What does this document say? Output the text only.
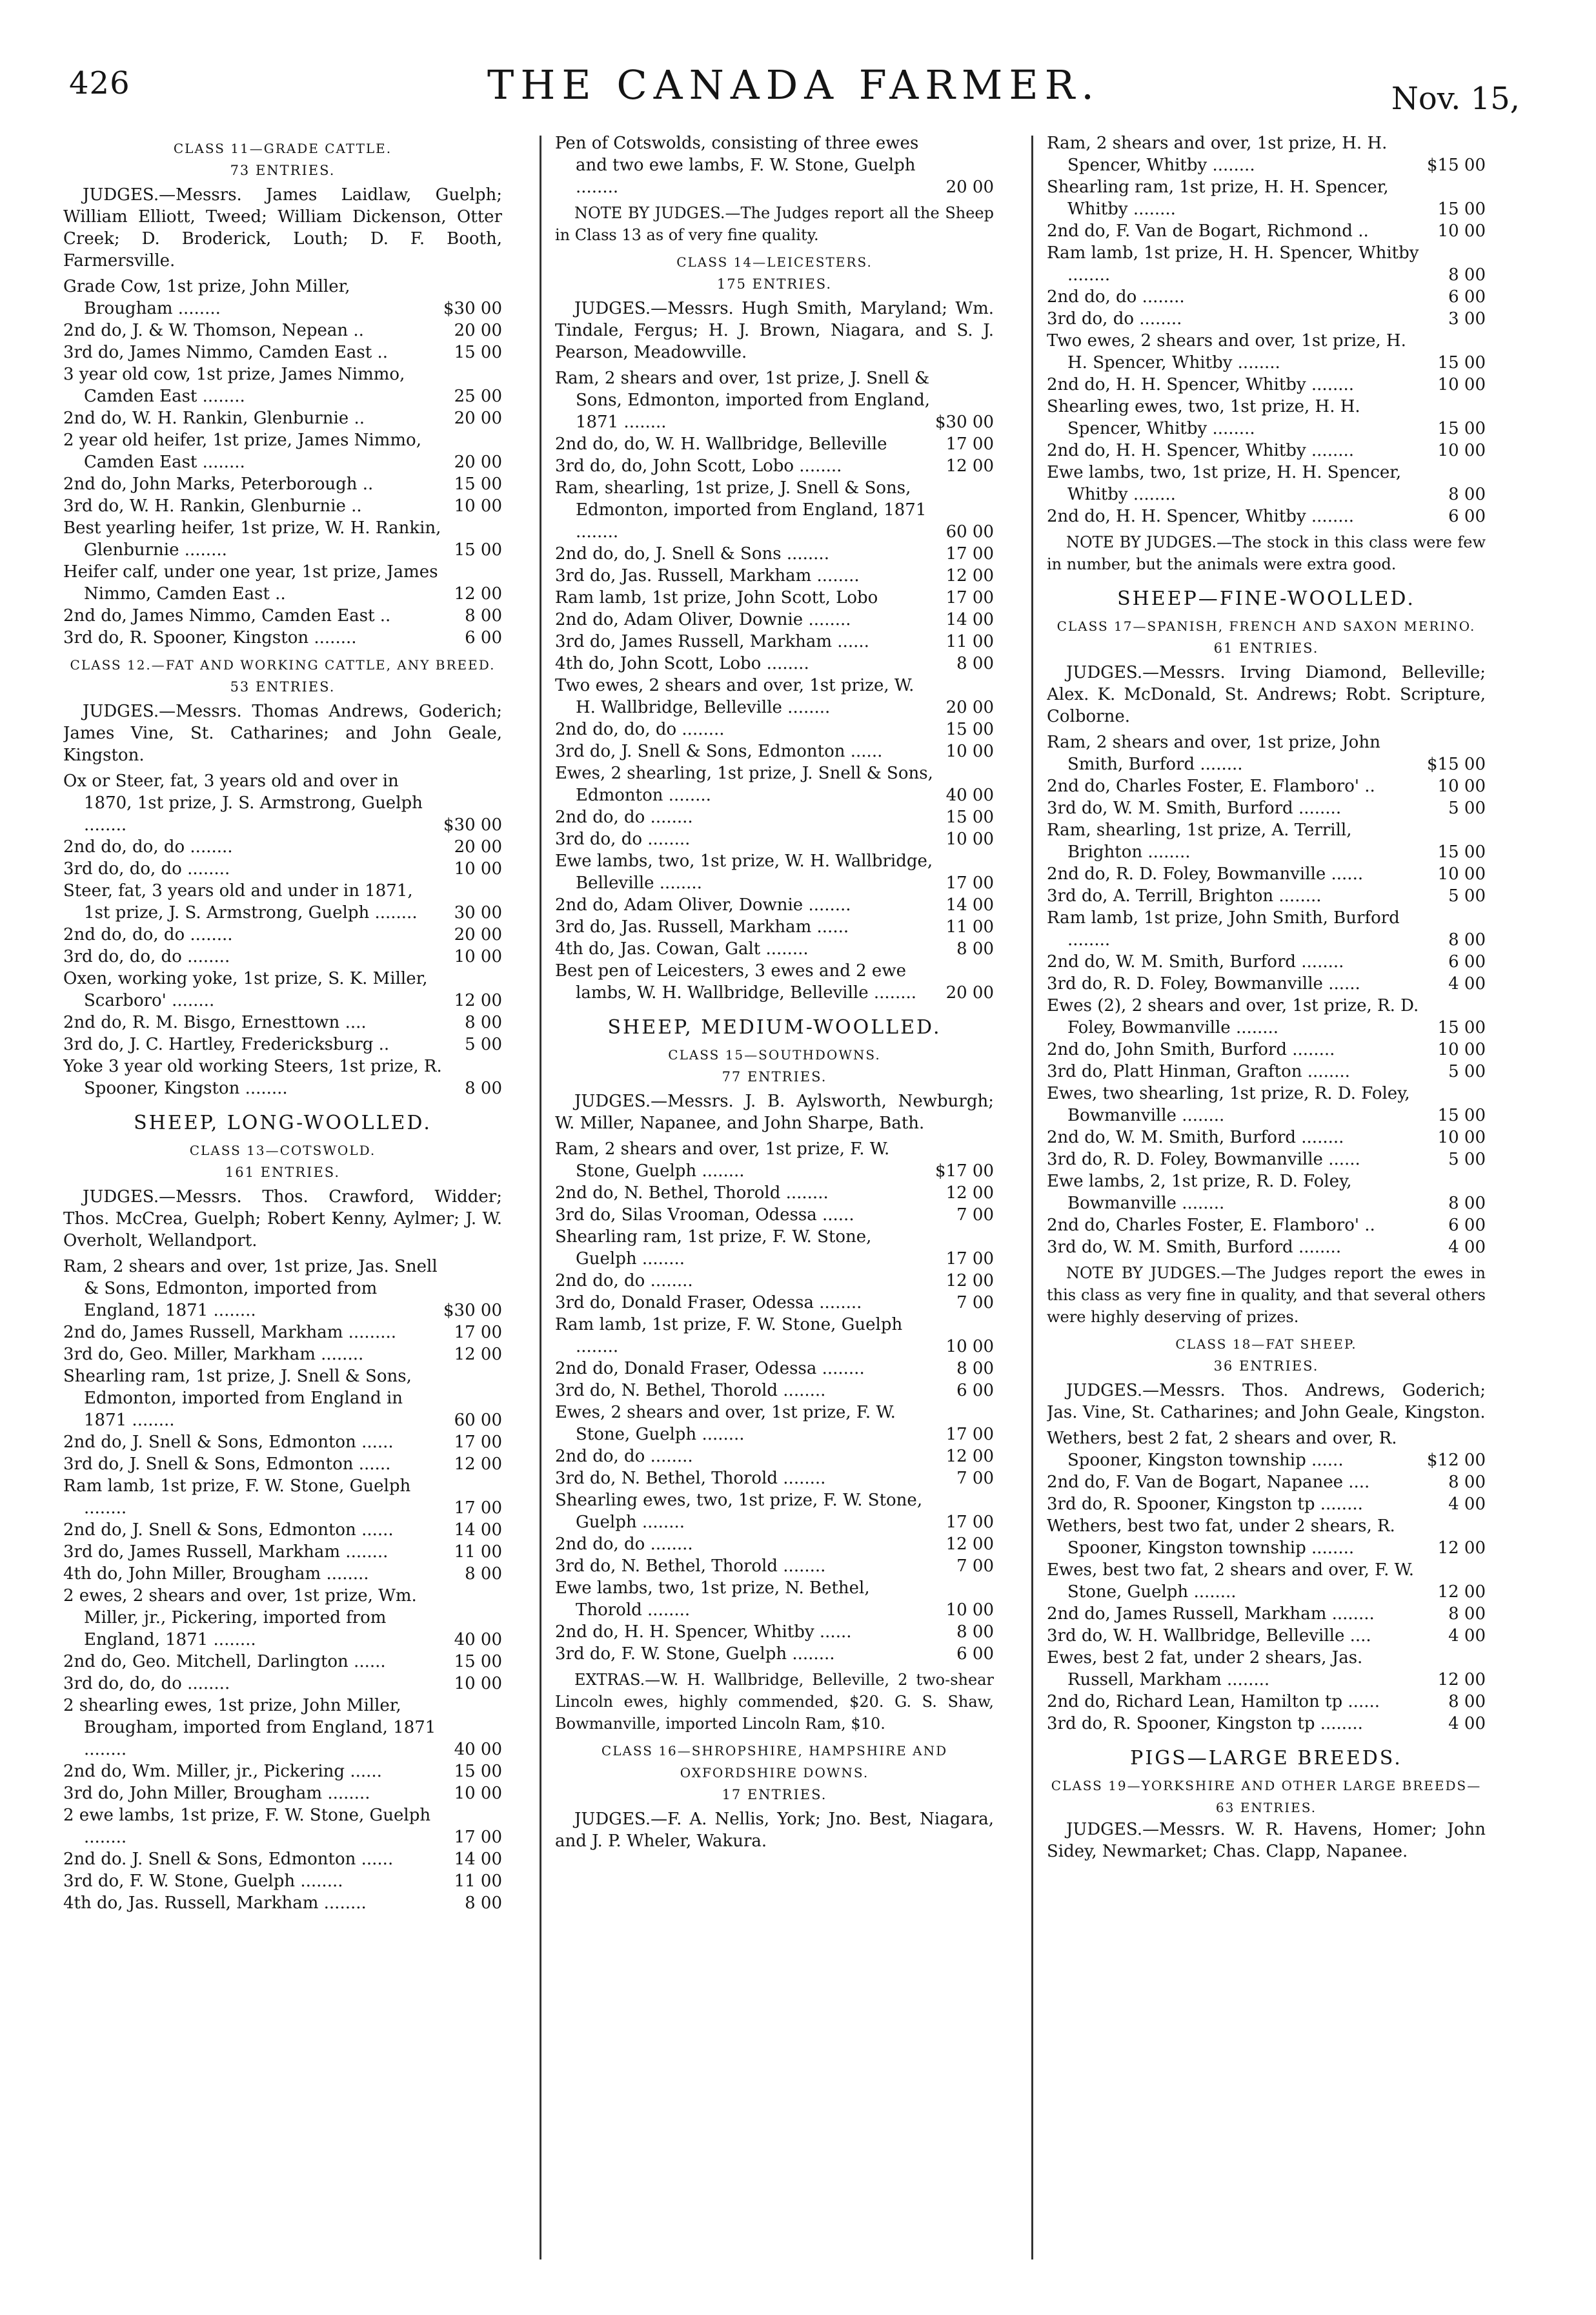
426	THE CANADA FARMER.	Nov. 15,
CLASS 11—GRADE CATTLE.
73 ENTRIES.
JUDGES.—Messrs. James Laidlaw, Guelph; William Elliott, Tweed; William Dickenson, Otter Creek; D. Broderick, Louth; D. F. Booth, Farmersville.
Grade Cow, 1st prize, John Miller, Brougham ........	$30 00
2nd do, J. & W. Thomson, Nepean ..	20 00
3rd do, James Nimmo, Camden East ..	15 00
3 year old cow, 1st prize, James Nimmo, Camden East ........	25 00
2nd do, W. H. Rankin, Glenburnie ..	20 00
2 year old heifer, 1st prize, James Nimmo, Camden East ........	20 00
2nd do, John Marks, Peterborough ..	15 00
3rd do, W. H. Rankin, Glenburnie ..	10 00
Best yearling heifer, 1st prize, W. H. Rankin, Glenburnie ........	15 00
Heifer calf, under one year, 1st prize, James Nimmo, Camden East ..	12 00
2nd do, James Nimmo, Camden East ..	8 00
3rd do, R. Spooner, Kingston ........	6 00
CLASS 12.—FAT AND WORKING CATTLE, ANY BREED.
53 ENTRIES.
JUDGES.—Messrs. Thomas Andrews, Goderich; James Vine, St. Catharines; and John Geale, Kingston.
Ox or Steer, fat, 3 years old and over in 1870, 1st prize, J. S. Armstrong, Guelph ........	$30 00
2nd do, do, do ........	20 00
3rd do, do, do ........	10 00
Steer, fat, 3 years old and under in 1871, 1st prize, J. S. Armstrong, Guelph ........	30 00
2nd do, do, do ........	20 00
3rd do, do, do ........	10 00
Oxen, working yoke, 1st prize, S. K. Miller, Scarboro' ........	12 00
2nd do, R. M. Bisgo, Ernesttown ....	8 00
3rd do, J. C. Hartley, Fredericksburg ..	5 00
Yoke 3 year old working Steers, 1st prize, R. Spooner, Kingston ........	8 00
SHEEP, LONG-WOOLLED.
CLASS 13—COTSWOLD.
161 ENTRIES.
JUDGES.—Messrs. Thos. Crawford, Widder; Thos. McCrea, Guelph; Robert Kenny, Aylmer; J. W. Overholt, Wellandport.
Ram, 2 shears and over, 1st prize, Jas. Snell & Sons, Edmonton, imported from England, 1871 ........	$30 00
2nd do, James Russell, Markham .........	17 00
3rd do, Geo. Miller, Markham ........	12 00
Shearling ram, 1st prize, J. Snell & Sons, Edmonton, imported from England in 1871 ........	60 00
2nd do, J. Snell & Sons, Edmonton ......	17 00
3rd do, J. Snell & Sons, Edmonton ......	12 00
Ram lamb, 1st prize, F. W. Stone, Guelph ........	17 00
2nd do, J. Snell & Sons, Edmonton ......	14 00
3rd do, James Russell, Markham ........	11 00
4th do, John Miller, Brougham ........	8 00
2 ewes, 2 shears and over, 1st prize, Wm. Miller, jr., Pickering, imported from England, 1871 ........	40 00
2nd do, Geo. Mitchell, Darlington ......	15 00
3rd do, do, do ........	10 00
2 shearling ewes, 1st prize, John Miller, Brougham, imported from England, 1871 ........	40 00
2nd do, Wm. Miller, jr., Pickering ......	15 00
3rd do, John Miller, Brougham ........	10 00
2 ewe lambs, 1st prize, F. W. Stone, Guelph ........	17 00
2nd do. J. Snell & Sons, Edmonton ......	14 00
3rd do, F. W. Stone, Guelph ........	11 00
4th do, Jas. Russell, Markham ........	8 00
Pen of Cotswolds, consisting of three ewes and two ewe lambs, F. W. Stone, Guelph ........	20 00
NOTE BY JUDGES.—The Judges report all the Sheep in Class 13 as of very fine quality.
CLASS 14—LEICESTERS.
175 ENTRIES.
JUDGES.—Messrs. Hugh Smith, Maryland; Wm. Tindale, Fergus; H. J. Brown, Niagara, and S. J. Pearson, Meadowville.
Ram, 2 shears and over, 1st prize, J. Snell & Sons, Edmonton, imported from England, 1871 ........	$30 00
2nd do, do, W. H. Wallbridge, Belleville	17 00
3rd do, do, John Scott, Lobo ........	12 00
Ram, shearling, 1st prize, J. Snell & Sons, Edmonton, imported from England, 1871 ........	60 00
2nd do, do, J. Snell & Sons ........	17 00
3rd do, Jas. Russell, Markham ........	12 00
Ram lamb, 1st prize, John Scott, Lobo	17 00
2nd do, Adam Oliver, Downie ........	14 00
3rd do, James Russell, Markham ......	11 00
4th do, John Scott, Lobo ........	8 00
Two ewes, 2 shears and over, 1st prize, W. H. Wallbridge, Belleville ........	20 00
2nd do, do, do ........	15 00
3rd do, J. Snell & Sons, Edmonton ......	10 00
Ewes, 2 shearling, 1st prize, J. Snell & Sons, Edmonton ........	40 00
2nd do, do ........	15 00
3rd do, do ........	10 00
Ewe lambs, two, 1st prize, W. H. Wallbridge, Belleville ........	17 00
2nd do, Adam Oliver, Downie ........	14 00
3rd do, Jas. Russell, Markham ......	11 00
4th do, Jas. Cowan, Galt ........	8 00
Best pen of Leicesters, 3 ewes and 2 ewe lambs, W. H. Wallbridge, Belleville ........	20 00
SHEEP, MEDIUM-WOOLLED.
CLASS 15—SOUTHDOWNS.
77 ENTRIES.
JUDGES.—Messrs. J. B. Aylsworth, Newburgh; W. Miller, Napanee, and John Sharpe, Bath.
Ram, 2 shears and over, 1st prize, F. W. Stone, Guelph ........	$17 00
2nd do, N. Bethel, Thorold ........	12 00
3rd do, Silas Vrooman, Odessa ......	7 00
Shearling ram, 1st prize, F. W. Stone, Guelph ........	17 00
2nd do, do ........	12 00
3rd do, Donald Fraser, Odessa ........	7 00
Ram lamb, 1st prize, F. W. Stone, Guelph ........	10 00
2nd do, Donald Fraser, Odessa ........	8 00
3rd do, N. Bethel, Thorold ........	6 00
Ewes, 2 shears and over, 1st prize, F. W. Stone, Guelph ........	17 00
2nd do, do ........	12 00
3rd do, N. Bethel, Thorold ........	7 00
Shearling ewes, two, 1st prize, F. W. Stone, Guelph ........	17 00
2nd do, do ........	12 00
3rd do, N. Bethel, Thorold ........	7 00
Ewe lambs, two, 1st prize, N. Bethel, Thorold ........	10 00
2nd do, H. H. Spencer, Whitby ......	8 00
3rd do, F. W. Stone, Guelph ........	6 00
EXTRAS.—W. H. Wallbridge, Belleville, 2 two-shear Lincoln ewes, highly commended, $20. G. S. Shaw, Bowmanville, imported Lincoln Ram, $10.
CLASS 16—SHROPSHIRE, HAMPSHIRE AND OXFORDSHIRE DOWNS.
17 ENTRIES.
JUDGES.—F. A. Nellis, York; Jno. Best, Niagara, and J. P. Wheler, Wakura.
Ram, 2 shears and over, 1st prize, H. H. Spencer, Whitby ........	$15 00
Shearling ram, 1st prize, H. H. Spencer, Whitby ........	15 00
2nd do, F. Van de Bogart, Richmond ..	10 00
Ram lamb, 1st prize, H. H. Spencer, Whitby ........	8 00
2nd do, do ........	6 00
3rd do, do ........	3 00
Two ewes, 2 shears and over, 1st prize, H. H. Spencer, Whitby ........	15 00
2nd do, H. H. Spencer, Whitby ........	10 00
Shearling ewes, two, 1st prize, H. H. Spencer, Whitby ........	15 00
2nd do, H. H. Spencer, Whitby ........	10 00
Ewe lambs, two, 1st prize, H. H. Spencer, Whitby ........	8 00
2nd do, H. H. Spencer, Whitby ........	6 00
NOTE BY JUDGES.—The stock in this class were few in number, but the animals were extra good.
SHEEP—FINE-WOOLLED.
CLASS 17—SPANISH, FRENCH AND SAXON MERINO.
61 ENTRIES.
JUDGES.—Messrs. Irving Diamond, Belleville; Alex. K. McDonald, St. Andrews; Robt. Scripture, Colborne.
Ram, 2 shears and over, 1st prize, John Smith, Burford ........	$15 00
2nd do, Charles Foster, E. Flamboro' ..	10 00
3rd do, W. M. Smith, Burford ........	5 00
Ram, shearling, 1st prize, A. Terrill, Brighton ........	15 00
2nd do, R. D. Foley, Bowmanville ......	10 00
3rd do, A. Terrill, Brighton ........	5 00
Ram lamb, 1st prize, John Smith, Burford ........	8 00
2nd do, W. M. Smith, Burford ........	6 00
3rd do, R. D. Foley, Bowmanville ......	4 00
Ewes (2), 2 shears and over, 1st prize, R. D. Foley, Bowmanville ........	15 00
2nd do, John Smith, Burford ........	10 00
3rd do, Platt Hinman, Grafton ........	5 00
Ewes, two shearling, 1st prize, R. D. Foley, Bowmanville ........	15 00
2nd do, W. M. Smith, Burford ........	10 00
3rd do, R. D. Foley, Bowmanville ......	5 00
Ewe lambs, 2, 1st prize, R. D. Foley, Bowmanville ........	8 00
2nd do, Charles Foster, E. Flamboro' ..	6 00
3rd do, W. M. Smith, Burford ........	4 00
NOTE BY JUDGES.—The Judges report the ewes in this class as very fine in quality, and that several others were highly deserving of prizes.
CLASS 18—FAT SHEEP.
36 ENTRIES.
JUDGES.—Messrs. Thos. Andrews, Goderich; Jas. Vine, St. Catharines; and John Geale, Kingston.
Wethers, best 2 fat, 2 shears and over, R. Spooner, Kingston township ......	$12 00
2nd do, F. Van de Bogart, Napanee ....	8 00
3rd do, R. Spooner, Kingston tp ........	4 00
Wethers, best two fat, under 2 shears, R. Spooner, Kingston township ........	12 00
Ewes, best two fat, 2 shears and over, F. W. Stone, Guelph ........	12 00
2nd do, James Russell, Markham ........	8 00
3rd do, W. H. Wallbridge, Belleville ....	4 00
Ewes, best 2 fat, under 2 shears, Jas. Russell, Markham ........	12 00
2nd do, Richard Lean, Hamilton tp ......	8 00
3rd do, R. Spooner, Kingston tp ........	4 00
PIGS—LARGE BREEDS.
CLASS 19—YORKSHIRE AND OTHER LARGE BREEDS—63 ENTRIES.
JUDGES.—Messrs. W. R. Havens, Homer; John Sidey, Newmarket; Chas. Clapp, Napanee.
